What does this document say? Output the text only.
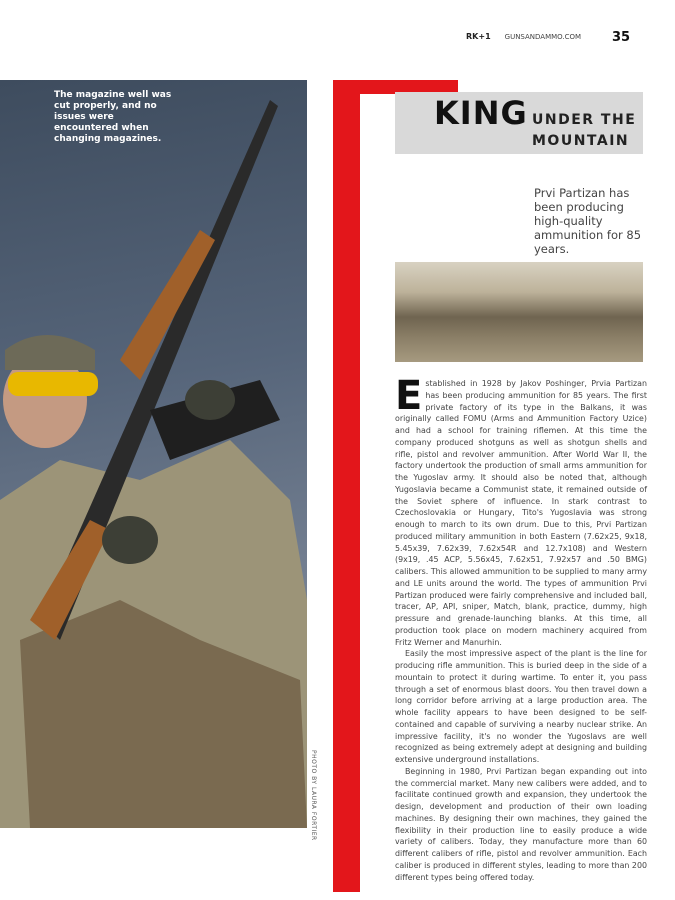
RK+1 GUNSANDAMMO.COM 35
The magazine well was cut properly, and no issues were encountered when changing magazines.
PHOTO BY LAURA FORTIER
KING UNDER THE MOUNTAIN
Prvi Partizan has been producing high-quality ammunition for 85 years.

Established in 1928 by Jakov Poshinger, Prvia Partizan has been producing ammunition for 85 years. The first private factory of its type in the Balkans, it was originally called FOMU (Arms and Ammunition Factory Uzice) and had a school for training riflemen. At this time the company produced shotguns as well as shotgun shells and rifle, pistol and revolver ammunition. After World War II, the factory undertook the production of small arms ammunition for the Yugoslav army. It should also be noted that, although Yugoslavia became a Communist state, it remained outside of the Soviet sphere of influence. In stark contrast to Czechoslovakia or Hungary, Tito's Yugoslavia was strong enough to march to its own drum. Due to this, Prvi Partizan produced military ammunition in both Eastern (7.62x25, 9x18, 5.45x39, 7.62x39, 7.62x54R and 12.7x108) and Western (9x19, .45 ACP, 5.56x45, 7.62x51, 7.92x57 and .50 BMG) calibers. This allowed ammunition to be supplied to many army and LE units around the world. The types of ammunition Prvi Partizan produced were fairly comprehensive and included ball, tracer, AP, API, sniper, Match, blank, practice, dummy, high pressure and grenade-launching blanks. At this time, all production took place on modern machinery acquired from Fritz Werner and Manurhin.

Easily the most impressive aspect of the plant is the line for producing rifle ammunition. This is buried deep in the side of a mountain to protect it during wartime. To enter it, you pass through a set of enormous blast doors. You then travel down a long corridor before arriving at a large production area. The whole facility appears to have been designed to be self-contained and capable of surviving a nearby nuclear strike. An impressive facility, it's no wonder the Yugoslavs are well recognized as being extremely adept at designing and building extensive underground installations.

Beginning in 1980, Prvi Partizan began expanding out into the commercial market. Many new calibers were added, and to facilitate continued growth and expansion, they undertook the design, development and production of their own loading machines. By designing their own machines, they gained the flexibility in their production line to easily produce a wide variety of calibers. Today, they manufacture more than 60 different calibers of rifle, pistol and revolver ammunition. Each caliber is produced in different styles, leading to more than 200 different types being offered today.
